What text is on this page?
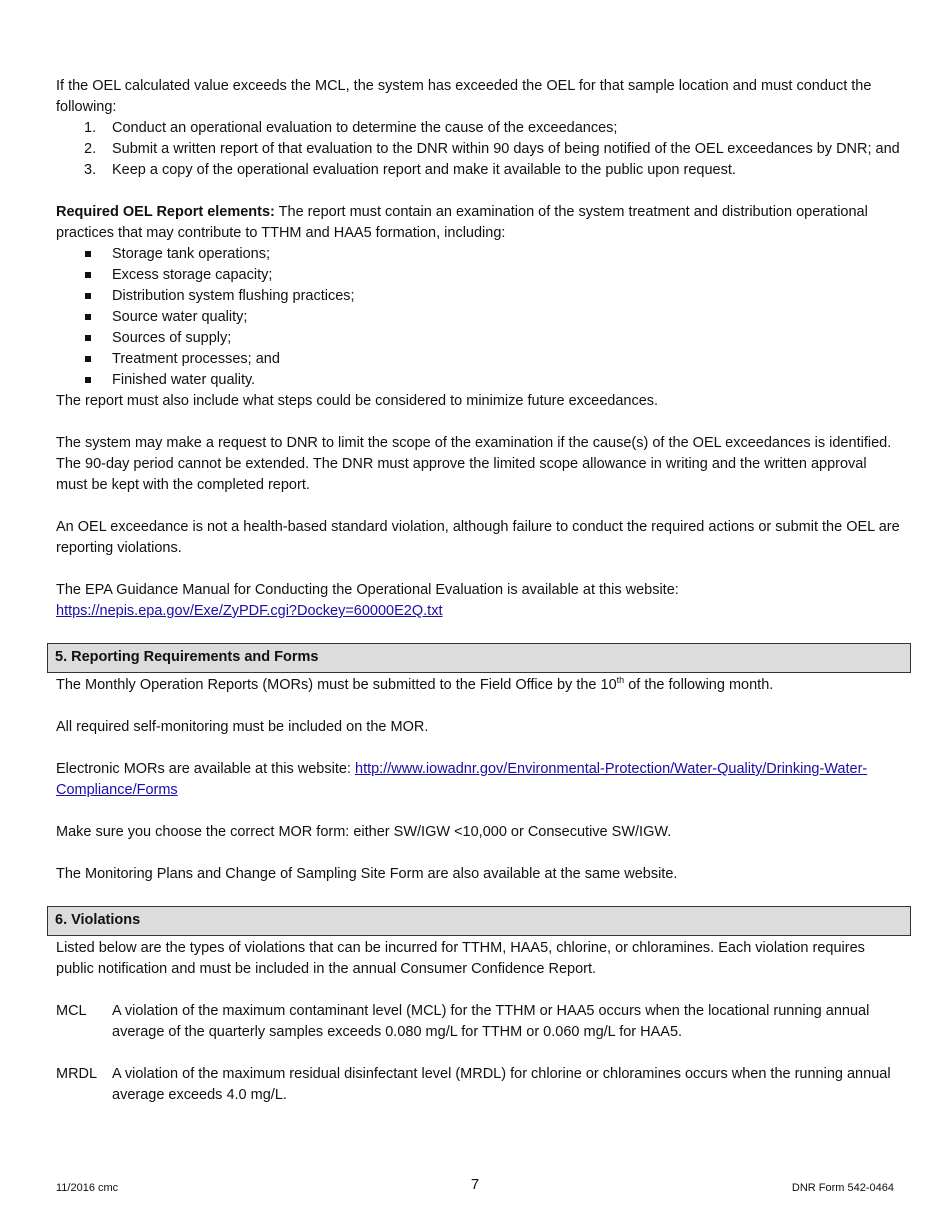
If the OEL calculated value exceeds the MCL, the system has exceeded the OEL for that sample location and must conduct the following:

1. Conduct an operational evaluation to determine the cause of the exceedances;
2. Submit a written report of that evaluation to the DNR within 90 days of being notified of the OEL exceedances by DNR; and
3. Keep a copy of the operational evaluation report and make it available to the public upon request.

Required OEL Report elements: The report must contain an examination of the system treatment and distribution operational practices that may contribute to TTHM and HAA5 formation, including:

Storage tank operations;
Excess storage capacity;
Distribution system flushing practices;
Source water quality;
Sources of supply;
Treatment processes; and
Finished water quality.

The report must also include what steps could be considered to minimize future exceedances.

The system may make a request to DNR to limit the scope of the examination if the cause(s) of the OEL exceedances is identified. The 90-day period cannot be extended. The DNR must approve the limited scope allowance in writing and the written approval must be kept with the completed report.

An OEL exceedance is not a health-based standard violation, although failure to conduct the required actions or submit the OEL are reporting violations.

The EPA Guidance Manual for Conducting the Operational Evaluation is available at this website:
https://nepis.epa.gov/Exe/ZyPDF.cgi?Dockey=60000E2Q.txt

5. Reporting Requirements and Forms

The Monthly Operation Reports (MORs) must be submitted to the Field Office by the 10th of the following month.

All required self-monitoring must be included on the MOR.

Electronic MORs are available at this website: http://www.iowadnr.gov/Environmental-Protection/Water-Quality/Drinking-Water-Compliance/Forms

Make sure you choose the correct MOR form: either SW/IGW <10,000 or Consecutive SW/IGW.

The Monitoring Plans and Change of Sampling Site Form are also available at the same website.

6. Violations

Listed below are the types of violations that can be incurred for TTHM, HAA5, chlorine, or chloramines. Each violation requires public notification and must be included in the annual Consumer Confidence Report.

MCL A violation of the maximum contaminant level (MCL) for the TTHM or HAA5 occurs when the locational running annual average of the quarterly samples exceeds 0.080 mg/L for TTHM or 0.060 mg/L for HAA5.
MRDL A violation of the maximum residual disinfectant level (MRDL) for chlorine or chloramines occurs when the running annual average exceeds 4.0 mg/L.
11/2016 cmc	7	DNR Form 542-0464
